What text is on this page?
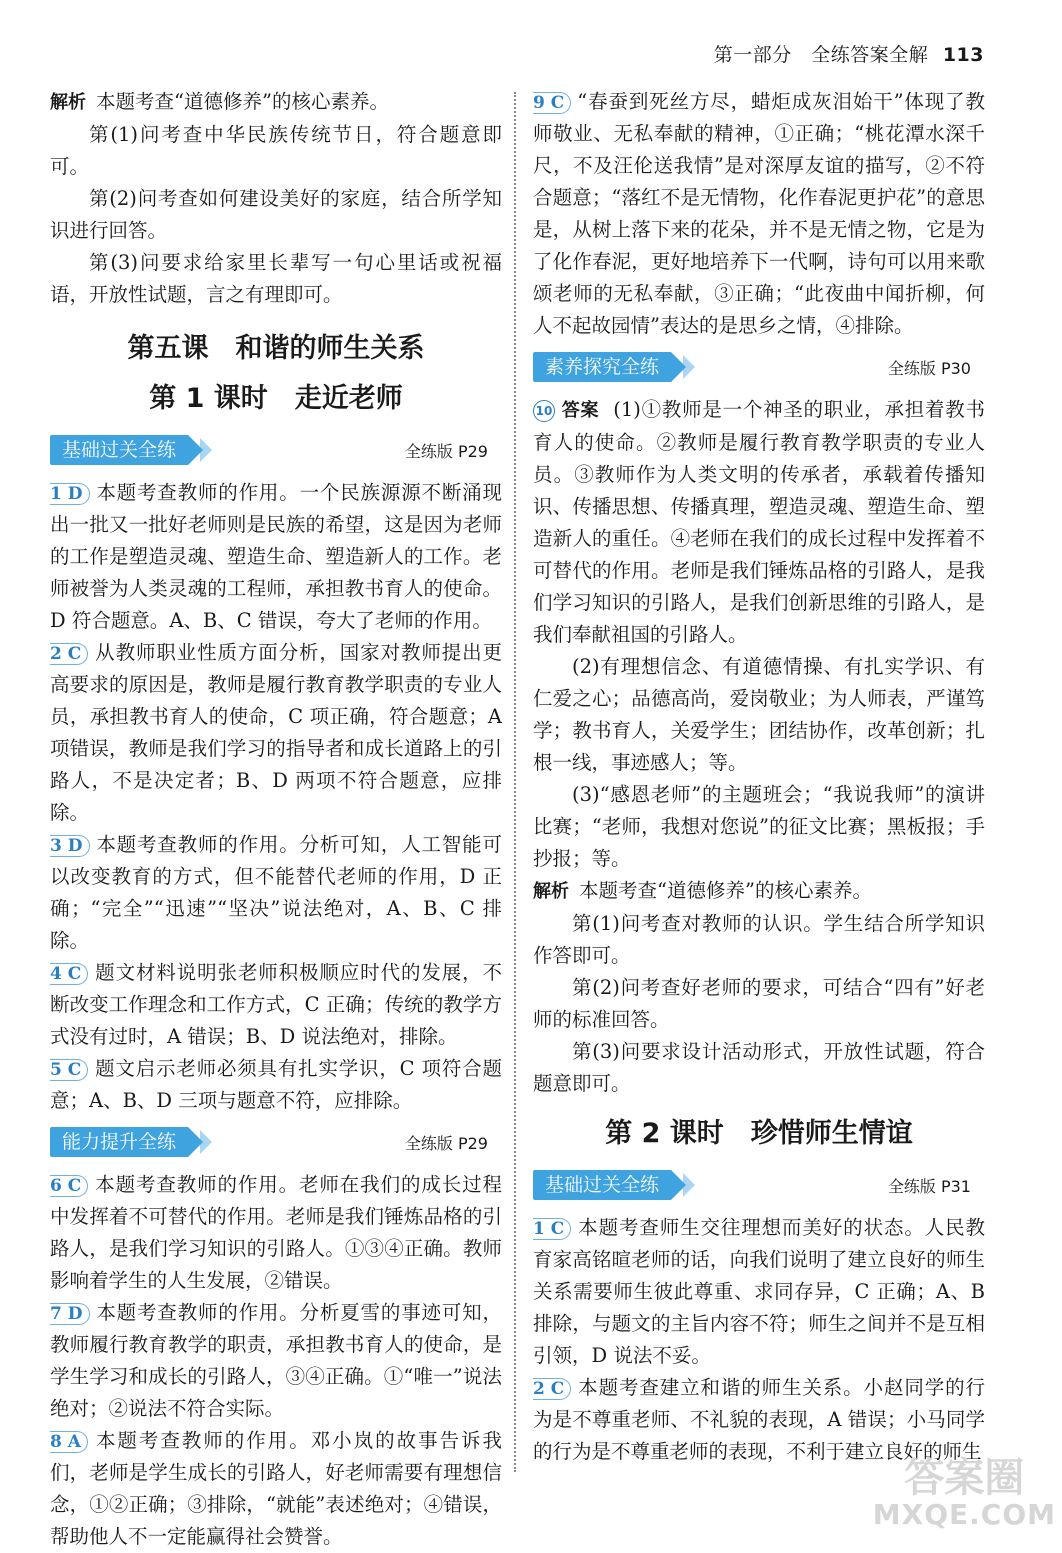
第一部分　全练答案全解 113

解析 本题考查“道德修养”的核心素养。

第(1)问考查中华民族传统节日，符合题意即可。

第(2)问考查如何建设美好的家庭，结合所学知识进行回答。

第(3)问要求给家里长辈写一句心里话或祝福语，开放性试题，言之有理即可。

第五课　和谐的师生关系
第 1 课时　走近老师
基础过关全练	全练版 P29

1 D 本题考查教师的作用。一个民族源源不断涌现出一批又一批好老师则是民族的希望，这是因为老师的工作是塑造灵魂、塑造生命、塑造新人的工作。老师被誉为人类灵魂的工程师，承担教书育人的使命。D 符合题意。A、B、C 错误，夸大了老师的作用。

2 C 从教师职业性质方面分析，国家对教师提出更高要求的原因是，教师是履行教育教学职责的专业人员，承担教书育人的使命，C 项正确，符合题意；A 项错误，教师是我们学习的指导者和成长道路上的引路人，不是决定者；B、D 两项不符合题意，应排除。

3 D 本题考查教师的作用。分析可知，人工智能可以改变教育的方式，但不能替代老师的作用，D 正确；“完全”“迅速”“坚决”说法绝对，A、B、C 排除。

4 C 题文材料说明张老师积极顺应时代的发展，不断改变工作理念和工作方式，C 正确；传统的教学方式没有过时，A 错误；B、D 说法绝对，排除。

5 C 题文启示老师必须具有扎实学识，C 项符合题意；A、B、D 三项与题意不符，应排除。

能力提升全练	全练版 P29

6 C 本题考查教师的作用。老师在我们的成长过程中发挥着不可替代的作用。老师是我们锤炼品格的引路人，是我们学习知识的引路人。①③④正确。教师影响着学生的人生发展，②错误。

7 D 本题考查教师的作用。分析夏雪的事迹可知，教师履行教育教学的职责，承担教书育人的使命，是学生学习和成长的引路人，③④正确。①“唯一”说法绝对；②说法不符合实际。

8 A 本题考查教师的作用。邓小岚的故事告诉我们，老师是学生成长的引路人，好老师需要有理想信念，①②正确；③排除，“就能”表述绝对；④错误，帮助他人不一定能赢得社会赞誉。

9 C “春蚕到死丝方尽，蜡炬成灰泪始干”体现了教师敬业、无私奉献的精神，①正确；“桃花潭水深千尺，不及汪伦送我情”是对深厚友谊的描写，②不符合题意；“落红不是无情物，化作春泥更护花”的意思是，从树上落下来的花朵，并不是无情之物，它是为了化作春泥，更好地培养下一代啊，诗句可以用来歌颂老师的无私奉献，③正确；“此夜曲中闻折柳，何人不起故园情”表达的是思乡之情，④排除。

素养探究全练	全练版 P30

10 答案 (1)①教师是一个神圣的职业，承担着教书育人的使命。②教师是履行教育教学职责的专业人员。③教师作为人类文明的传承者，承载着传播知识、传播思想、传播真理，塑造灵魂、塑造生命、塑造新人的重任。④老师在我们的成长过程中发挥着不可替代的作用。老师是我们锤炼品格的引路人，是我们学习知识的引路人，是我们创新思维的引路人，是我们奉献祖国的引路人。

(2)有理想信念、有道德情操、有扎实学识、有仁爱之心；品德高尚，爱岗敬业；为人师表，严谨笃学；教书育人，关爱学生；团结协作，改革创新；扎根一线，事迹感人；等。

(3)“感恩老师”的主题班会；“我说我师”的演讲比赛；“老师，我想对您说”的征文比赛；黑板报；手抄报；等。

解析 本题考查“道德修养”的核心素养。

第(1)问考查对教师的认识。学生结合所学知识作答即可。

第(2)问考查好老师的要求，可结合“四有”好老师的标准回答。

第(3)问要求设计活动形式，开放性试题，符合题意即可。

第 2 课时　珍惜师生情谊
基础过关全练	全练版 P31

1 C 本题考查师生交往理想而美好的状态。人民教育家高铭暄老师的话，向我们说明了建立良好的师生关系需要师生彼此尊重、求同存异，C 正确；A、B 排除，与题文的主旨内容不符；师生之间并不是互相引领，D 说法不妥。

2 C 本题考查建立和谐的师生关系。小赵同学的行为是不尊重老师、不礼貌的表现，A 错误；小马同学的行为是不尊重老师的表现，不利于建立良好的师生

答案圈
MXQE.COM
